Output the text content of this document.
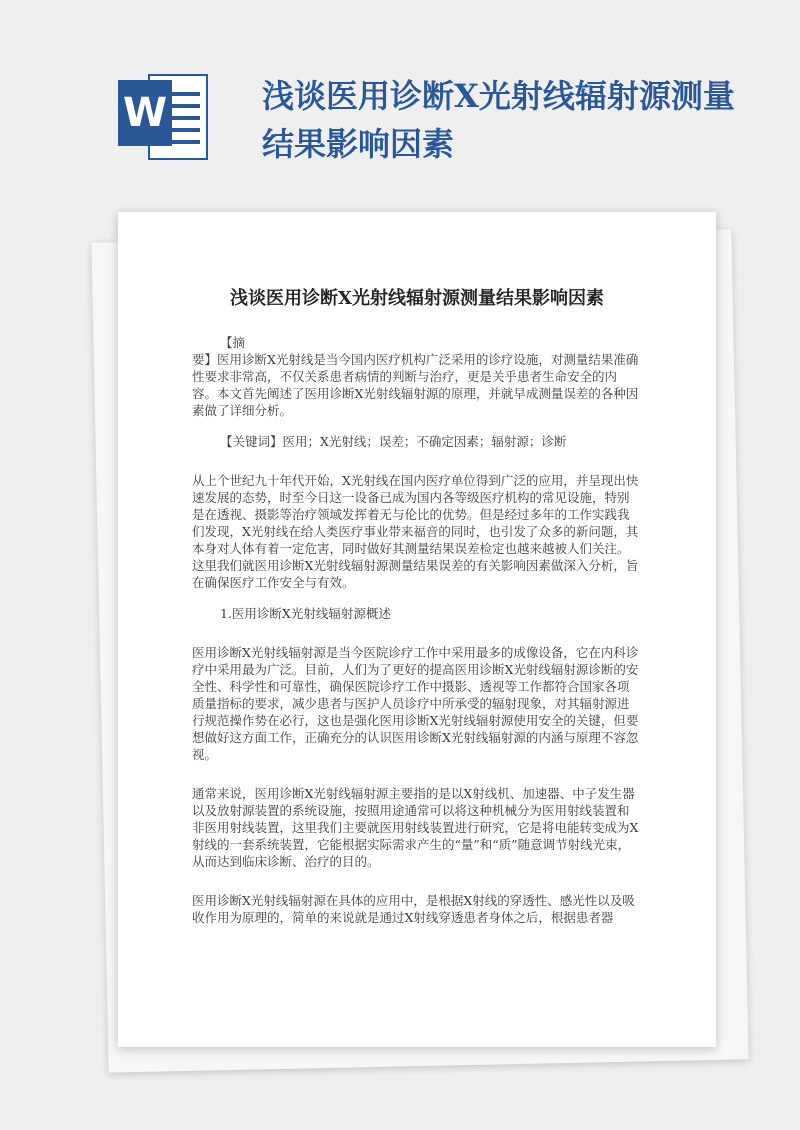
W	浅谈医用诊断X光射线辐射源测量结果影响因素
浅谈医用诊断X光射线辐射源测量结果影响因素

【摘

要】医用诊断X光射线是当今国内医疗机构广泛采用的诊疗设施，对测量结果准确性要求非常高，不仅关系患者病情的判断与治疗，更是关乎患者生命安全的内容。本文首先阐述了医用诊断X光射线辐射源的原理，并就早成测量误差的各种因素做了详细分析。

【关键词】医用；X光射线；误差；不确定因素；辐射源；诊断

从上个世纪九十年代开始，X光射线在国内医疗单位得到广泛的应用，并呈现出快速发展的态势，时至今日这一设备已成为国内各等级医疗机构的常见设施，特别是在透视、摄影等治疗领域发挥着无与伦比的优势。但是经过多年的工作实践我们发现，X光射线在给人类医疗事业带来福音的同时，也引发了众多的新问题，其本身对人体有着一定危害，同时做好其测量结果误差检定也越来越被人们关注。这里我们就医用诊断X光射线辐射源测量结果误差的有关影响因素做深入分析，旨在确保医疗工作安全与有效。

1.医用诊断X光射线辐射源概述

医用诊断X光射线辐射源是当今医院诊疗工作中采用最多的成像设备，它在内科诊疗中采用最为广泛。目前，人们为了更好的提高医用诊断X光射线辐射源诊断的安全性、科学性和可靠性，确保医院诊疗工作中摄影、透视等工作都符合国家各项质量指标的要求，减少患者与医护人员诊疗中所承受的辐射现象，对其辐射源进行规范操作势在必行，这也是强化医用诊断X光射线辐射源使用安全的关键，但要想做好这方面工作，正确充分的认识医用诊断X光射线辐射源的内涵与原理不容忽视。

通常来说，医用诊断X光射线辐射源主要指的是以X射线机、加速器、中子发生器以及放射源装置的系统设施，按照用途通常可以将这种机械分为医用射线装置和非医用射线装置，这里我们主要就医用射线装置进行研究，它是将电能转变成为X射线的一套系统装置，它能根据实际需求产生的“量”和“质”随意调节射线光束，从而达到临床诊断、治疗的目的。

医用诊断X光射线辐射源在具体的应用中，是根据X射线的穿透性、感光性以及吸收作用为原理的，简单的来说就是通过X射线穿透患者身体之后，根据患者器
